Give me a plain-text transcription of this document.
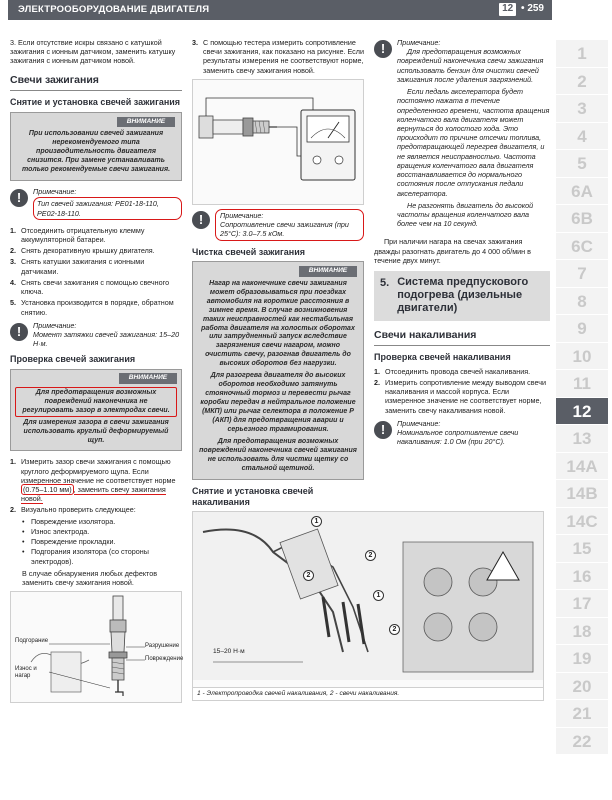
ЭЛЕКТРООБОРУДОВАНИЕ ДВИГАТЕЛЯ	12 • 259
3. Если отсутствие искры связано с катушкой зажигания с ионным датчиком, заменить катушку зажигания с ионным датчиком новой.
Свечи зажигания
Снятие и установка свечей зажигания
ВНИМАНИЕ
При использовании свечей зажигания нерекомендуемого типа производительность двигателя снизится. При замене устанавливать только рекомендуемые свечи зажигания.
!	Примечание:
Тип свечей зажигания: PE01-18-110, PE02-18-110.
1. Отсоединить отрицательную клемму аккумуляторной батареи.
2. Снять декоративную крышку двигателя.
3. Снять катушки зажигания с ионными датчиками.
4. Снять свечи зажигания с помощью свечного ключа.
5. Установка производится в порядке, обратном снятию.
!	Примечание:
Момент затяжки свечей зажигания: 15–20 Н·м.
Проверка свечей зажигания
ВНИМАНИЕ
Для предотвращения возможных повреждений наконечника не регулировать зазор в электродах свечи.
Для измерения зазора в свечи зажигания использовать круглый деформируемый щуп.
1. Измерить зазор свечи зажигания с помощью круглого деформируемого щупа. Если измеренное значение не соответствует норме (0.75–1.10 мм) , заменить свечу зажигания новой.
2. Визуально проверить следующее:
• Повреждение изолятора.
• Износ электрода.
• Повреждение прокладки.
• Подгорания изолятора (со стороны электродов).
В случае обнаружения любых дефектов заменить свечу зажигания новой.
Подгорание
Износ и нагар
Разрушение
Повреждение
3. С помощью тестера измерить сопротивление свечи зажигания, как показано на рисунке. Если результаты измерения не соответствуют норме, заменить свечу зажигания новой.
!	Примечание:
Сопротивление свечи зажигания (при 25°С): 3.0–7.5 кОм.
Чистка свечей зажигания
ВНИМАНИЕ
Нагар на наконечнике свечи зажигания может образовываться при поездках автомобиля на короткие расстояния в зимнее время. В случае возникновения таких неисправностей как нестабильная работа двигателя на холостых оборотах или затрудненный запуск вследствие загрязнения свечи нагаром, можно очистить свечу, разогнав двигатель до высоких оборотов без нагрузки.
Для разогрева двигателя до высоких оборотов необходимо затянуть стояночный тормоз и перевести рычаг коробки передач в нейтральное положение (МКП) или рычаг селектора в положение P (АКП) для предотвращения аварии и серьезного травмирования.
Для предотвращения возможных повреждений наконечника свечей зажигания не использовать для чистки щетку со стальной щетиной.
Снятие и установка свечей накаливания
1
2
2
1
2
15–20 Н·м
1 - Электропроводка свечей накаливания, 2 - свечи накаливания.
!	Примечание:
Для предотвращения возможных повреждений наконечника свечи зажигания использовать бензин для очистки свечей зажигания после удаления загрязнений.
Если педаль акселератора будет постоянно нажата в течение определенного времени, частота вращения коленчатого вала двигателя может вернуться до холостого хода. Это происходит по причине отсечки топлива, предотвращающей перегрев двигателя, и не является неисправностью. Частота вращения коленчатого вала двигателя восстанавливается до нормального состояния после отпускания педали акселератора.
Не разгонять двигатель до высокой частоты вращения коленчатого вала более чем на 10 секунд.
При наличии нагара на свечах зажигания дважды разогнать двигатель до 4 000 об/мин в течение двух минут.
5. Система предпускового подогрева (дизельные двигатели)
Свечи накаливания
Проверка свечей накаливания
1. Отсоединить провода свечей накаливания.
2. Измерить сопротивление между выводом свечи накаливания и массой корпуса. Если измеренное значение не соответствует норме, заменить свечу накаливания новой.
!	Примечание:
Номинальное сопротивление свечи накаливания: 1.0 Ом (при 20°С).
1
2
3
4
5
6A
6B
6C
7
8
9
10
11
12
13
14A
14B
14C
15
16
17
18
19
20
21
22
